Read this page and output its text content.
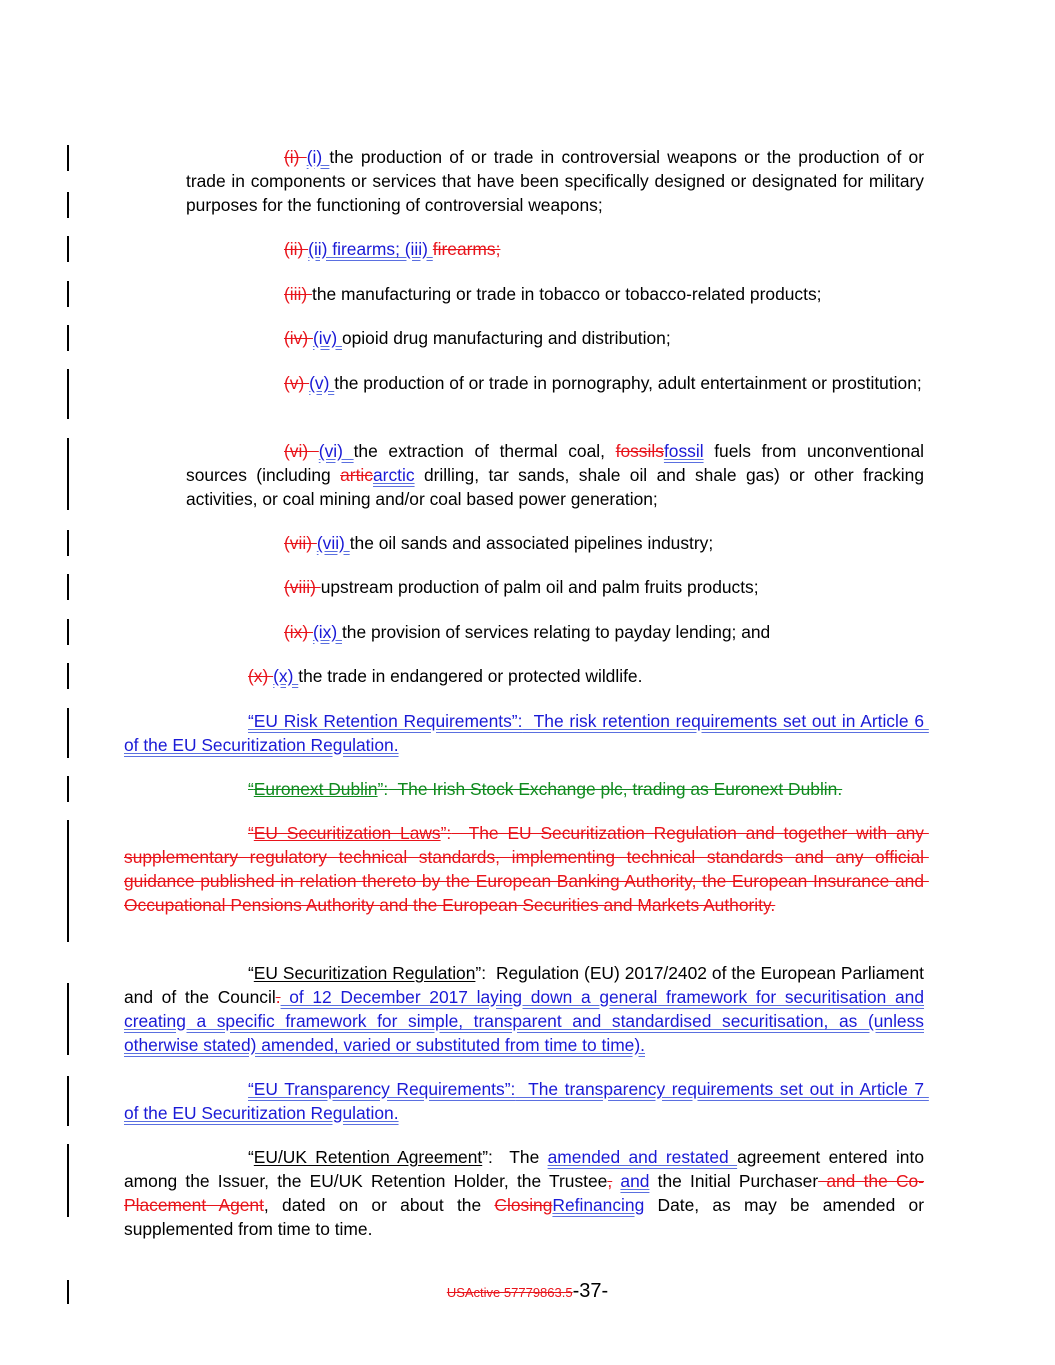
(i) (i) the production of or trade in controversial weapons or the production of or trade in components or services that have been specifically designed or designated for military purposes for the functioning of controversial weapons;
(ii) (ii) firearms; (iii) firearms;
(iii) the manufacturing or trade in tobacco or tobacco-related products;
(iv) (iv) opioid drug manufacturing and distribution;
(v) (v) the production of or trade in pornography, adult entertainment or prostitution;
(vi) (vi) the extraction of thermal coal, fossilsfossil fuels from unconventional sources (including articarctic drilling, tar sands, shale oil and shale gas) or other fracking activities, or coal mining and/or coal based power generation;
(vii) (vii) the oil sands and associated pipelines industry;
(viii) upstream production of palm oil and palm fruits products;
(ix) (ix) the provision of services relating to payday lending; and
(x) (x) the trade in endangered or protected wildlife.
“EU Risk Retention Requirements”:  The risk retention requirements set out in Article 6 of the EU Securitization Regulation.
“Euronext Dublin”:  The Irish Stock Exchange plc, trading as Euronext Dublin.
“EU Securitization Laws”:  The EU Securitization Regulation and together with any supplementary regulatory technical standards, implementing technical standards and any official guidance published in relation thereto by the European Banking Authority, the European Insurance and Occupational Pensions Authority and the European Securities and Markets Authority.
“EU Securitization Regulation”:  Regulation (EU) 2017/2402 of the European Parliament and of the Council. of 12 December 2017 laying down a general framework for securitisation and creating a specific framework for simple, transparent and standardised securitisation, as (unless otherwise stated) amended, varied or substituted from time to time).
“EU Transparency Requirements”:  The transparency requirements set out in Article 7 of the EU Securitization Regulation.
“EU/UK Retention Agreement”:  The amended and restated agreement entered into among the Issuer, the EU/UK Retention Holder, the Trustee, and the Initial Purchaser and the Co-Placement Agent, dated on or about the ClosingRefinancing Date, as may be amended or supplemented from time to time.
USActive 57779863.5-37-
